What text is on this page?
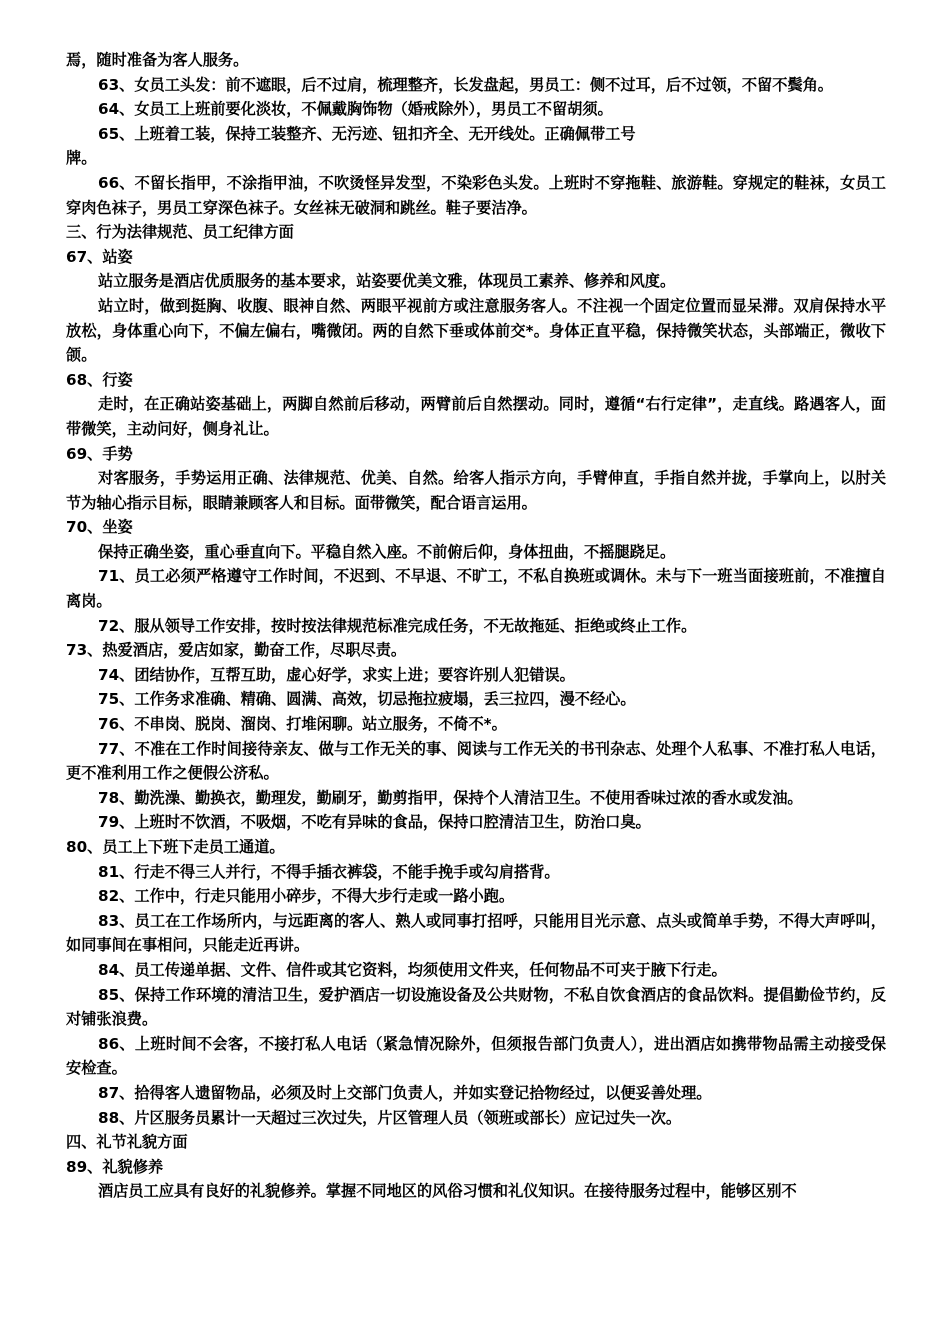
焉，随时准备为客人服务。

63、女员工头发：前不遮眼，后不过肩，梳理整齐，长发盘起，男员工：侧不过耳，后不过领，不留不鬓角。

64、女员工上班前要化淡妆，不佩戴胸饰物（婚戒除外），男员工不留胡须。

65、上班着工装，保持工装整齐、无污迹、钮扣齐全、无开线处。正确佩带工号

牌。

66、不留长指甲，不涂指甲油，不吹烫怪异发型，不染彩色头发。上班时不穿拖鞋、旅游鞋。穿规定的鞋袜，女员工穿肉色袜子，男员工穿深色袜子。女丝袜无破洞和跳丝。鞋子要洁净。

三、行为法律规范、员工纪律方面

67、站姿

站立服务是酒店优质服务的基本要求，站姿要优美文雅，体现员工素养、修养和风度。

站立时，做到挺胸、收腹、眼神自然、两眼平视前方或注意服务客人。不注视一个固定位置而显呆滞。双肩保持水平放松，身体重心向下，不偏左偏右，嘴微闭。两的自然下垂或体前交*。身体正直平稳，保持微笑状态，头部端正，微收下颌。

68、行姿

走时，在正确站姿基础上，两脚自然前后移动，两臂前后自然摆动。同时，遵循“右行定律”，走直线。路遇客人，面带微笑，主动问好，侧身礼让。

69、手势

对客服务，手势运用正确、法律规范、优美、自然。给客人指示方向，手臂伸直，手指自然并拢，手掌向上，以肘关节为轴心指示目标，眼睛兼顾客人和目标。面带微笑，配合语言运用。

70、坐姿

保持正确坐姿，重心垂直向下。平稳自然入座。不前俯后仰，身体扭曲，不摇腿跷足。

71、员工必须严格遵守工作时间，不迟到、不早退、不旷工，不私自换班或调休。未与下一班当面接班前，不准擅自离岗。

72、服从领导工作安排，按时按法律规范标准完成任务，不无故拖延、拒绝或终止工作。

73、热爱酒店，爱店如家，勤奋工作，尽职尽责。

74、团结协作，互帮互助，虚心好学，求实上进；要容许别人犯错误。

75、工作务求准确、精确、圆满、高效，切忌拖拉疲塌，丢三拉四，漫不经心。

76、不串岗、脱岗、溜岗、打堆闲聊。站立服务，不倚不*。

77、不准在工作时间接待亲友、做与工作无关的事、阅读与工作无关的书刊杂志、处理个人私事、不准打私人电话，更不准利用工作之便假公济私。

78、勤洗澡、勤换衣，勤理发，勤刷牙，勤剪指甲，保持个人清洁卫生。不使用香味过浓的香水或发油。

79、上班时不饮酒，不吸烟，不吃有异味的食品，保持口腔清洁卫生，防治口臭。

80、员工上下班下走员工通道。

81、行走不得三人并行，不得手插衣裤袋，不能手挽手或勾肩搭背。

82、工作中，行走只能用小碎步，不得大步行走或一路小跑。

83、员工在工作场所内，与远距离的客人、熟人或同事打招呼，只能用目光示意、点头或简单手势，不得大声呼叫，如同事间在事相问，只能走近再讲。

84、员工传递单据、文件、信件或其它资料，均须使用文件夹，任何物品不可夹于腋下行走。

85、保持工作环境的清洁卫生，爱护酒店一切设施设备及公共财物，不私自饮食酒店的食品饮料。提倡勤俭节约，反对铺张浪费。

86、上班时间不会客，不接打私人电话（紧急情况除外，但须报告部门负责人），进出酒店如携带物品需主动接受保安检查。

87、拾得客人遗留物品，必须及时上交部门负责人，并如实登记拾物经过，以便妥善处理。

88、片区服务员累计一天超过三次过失，片区管理人员（领班或部长）应记过失一次。

四、礼节礼貌方面

89、礼貌修养

酒店员工应具有良好的礼貌修养。掌握不同地区的风俗习惯和礼仪知识。在接待服务过程中，能够区别不
